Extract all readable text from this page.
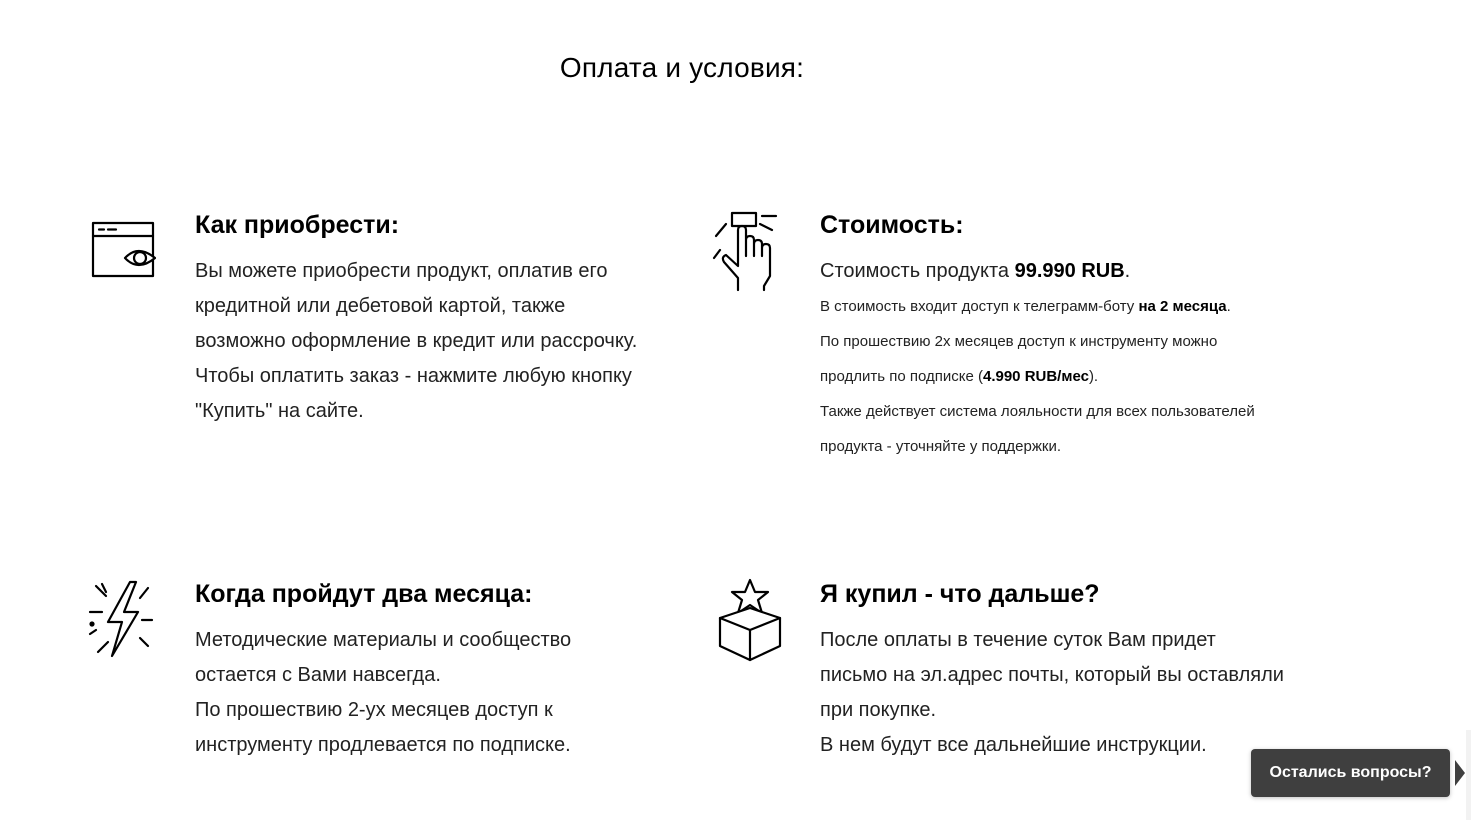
Оплата и условия:
Как приобрести:

Вы можете приобрести продукт, оплатив его

кредитной или дебетовой картой, также

возможно оформление в кредит или рассрочку.

Чтобы оплатить заказ - нажмите любую кнопку

"Купить" на сайте.

Стоимость:

Стоимость продукта 99.990 RUB.

В стоимость входит доступ к телеграмм-боту на 2 месяца.

По прошествию 2х месяцев доступ к инструменту можно

продлить по подписке (4.990 RUB/мес).

Также действует система лояльности для всех пользователей

продукта - уточняйте у поддержки.

Когда пройдут два месяца:

Методические материалы и сообщество

остается с Вами навсегда.

По прошествию 2-ух месяцев доступ к

инструменту продлевается по подписке.

Я купил - что дальше?

После оплаты в течение суток Вам придет

письмо на эл.адрес почты, который вы оставляли

при покупке.

В нем будут все дальнейшие инструкции.

Остались вопросы?
